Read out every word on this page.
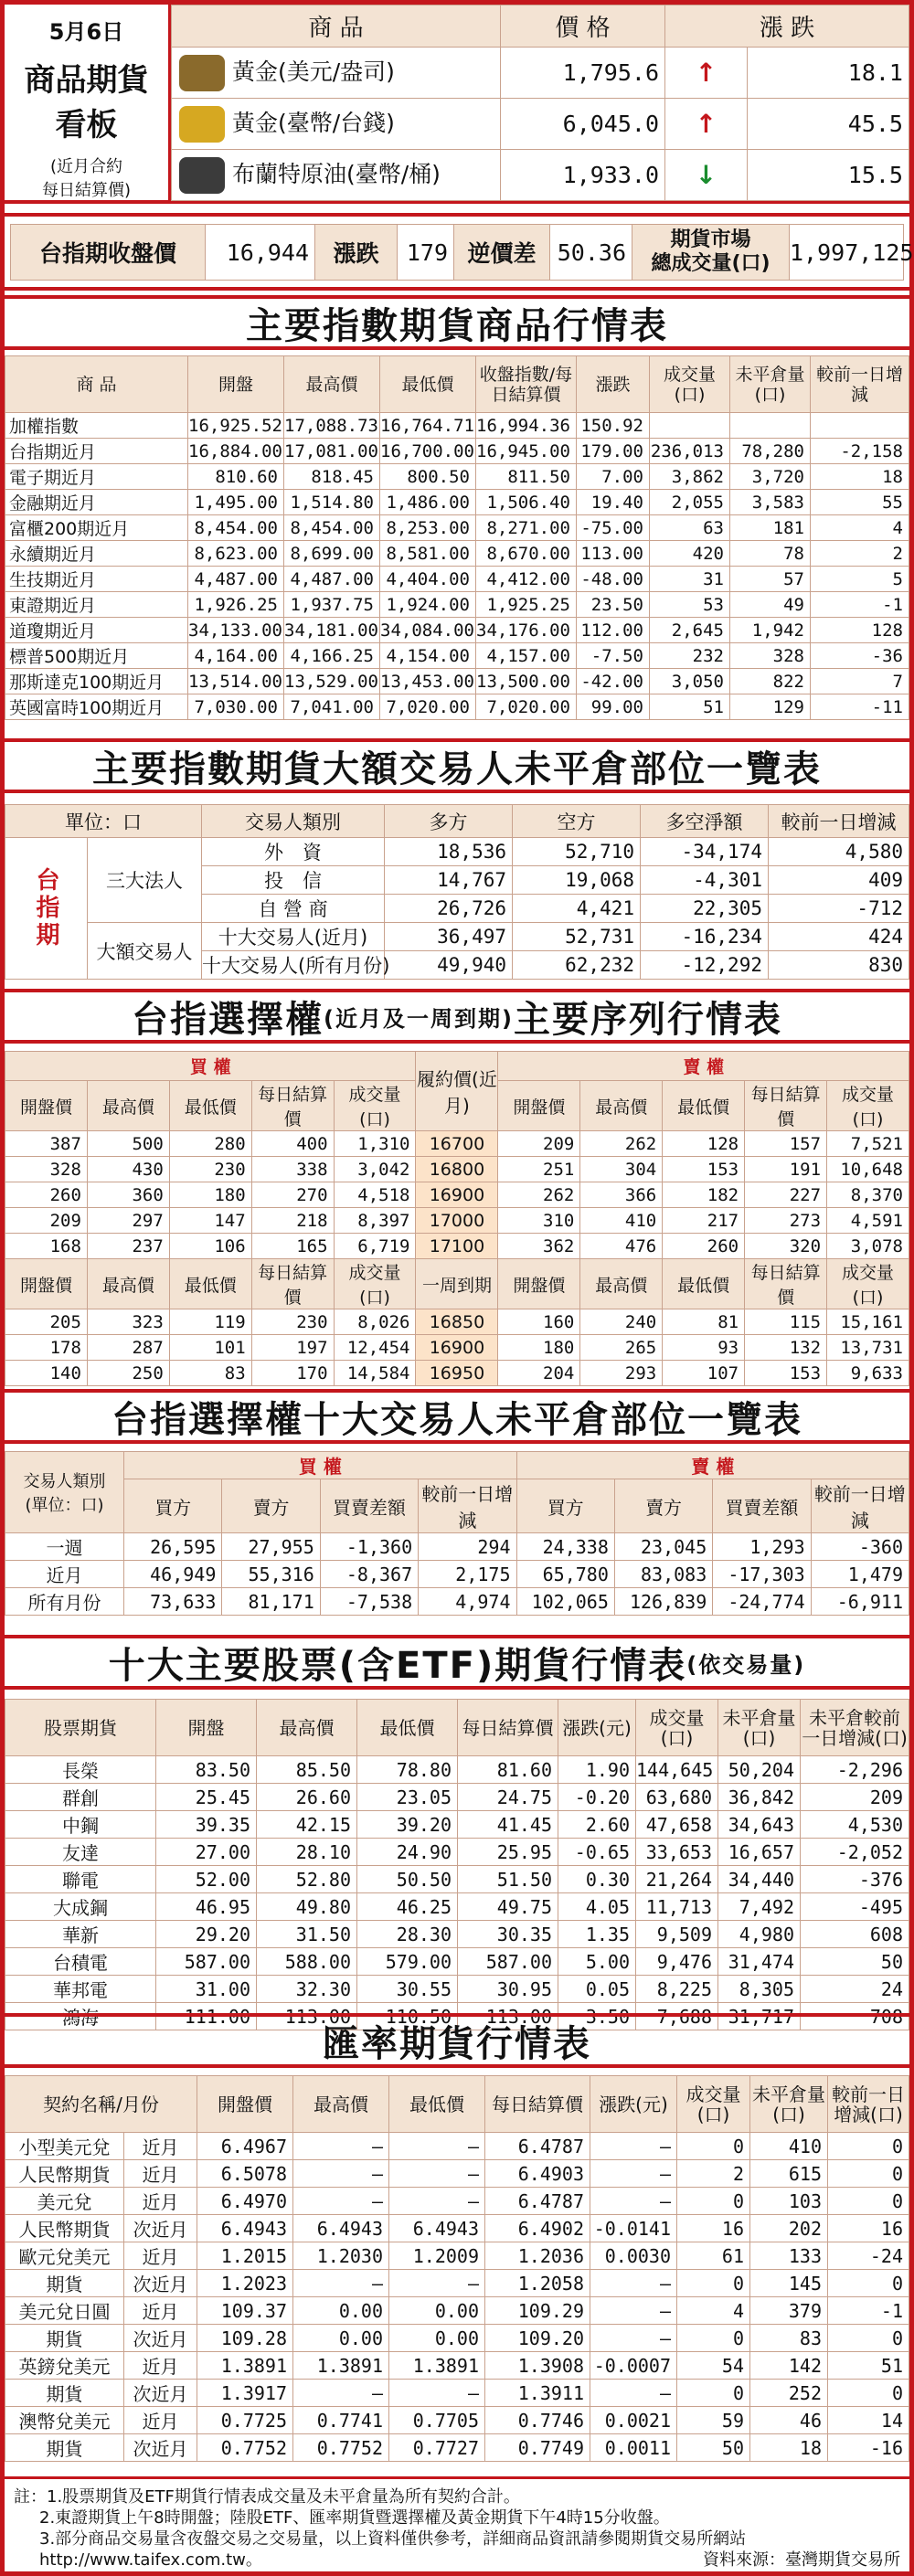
5月6日
商品期貨
看板
(近月合約
每日結算價)
商 品	價 格	漲 跌	
黃金(美元/盎司)	1,795.6	↑	18.1
黃金(臺幣/台錢)	6,045.0	↑	45.5
布蘭特原油(臺幣/桶)	1,933.0	↓	15.5
台指期收盤價	16,944	漲跌	179	逆價差	50.36	期貨市場
總成交量(口)	1,997,125
主要指數期貨商品行情表
商 品	開盤	最高價	最低價	收盤指數/每日結算價	漲跌	成交量(口)	未平倉量(口)	較前一日增減
加權指數	16,925.52	17,088.73	16,764.71	16,994.36	150.92			
台指期近月	16,884.00	17,081.00	16,700.00	16,945.00	179.00	236,013	78,280	-2,158
電子期近月	810.60	818.45	800.50	811.50	7.00	3,862	3,720	18
金融期近月	1,495.00	1,514.80	1,486.00	1,506.40	19.40	2,055	3,583	55
富櫃200期近月	8,454.00	8,454.00	8,253.00	8,271.00	-75.00	63	181	4
永續期近月	8,623.00	8,699.00	8,581.00	8,670.00	113.00	420	78	2
生技期近月	4,487.00	4,487.00	4,404.00	4,412.00	-48.00	31	57	5
東證期近月	1,926.25	1,937.75	1,924.00	1,925.25	23.50	53	49	-1
道瓊期近月	34,133.00	34,181.00	34,084.00	34,176.00	112.00	2,645	1,942	128
標普500期近月	4,164.00	4,166.25	4,154.00	4,157.00	-7.50	232	328	-36
那斯達克100期近月	13,514.00	13,529.00	13,453.00	13,500.00	-42.00	3,050	822	7
英國富時100期近月	7,030.00	7,041.00	7,020.00	7,020.00	99.00	51	129	-11
主要指數期貨大額交易人未平倉部位一覽表
單位：口		交易人類別	多方	空方	多空淨額	較前一日增減
台指期	三大法人	外　資	18,536	52,710	-34,174	4,580
		投　信	14,767	19,068	-4,301	409
		自 營 商	26,726	4,421	22,305	-712
	大額交易人	十大交易人(近月)	36,497	52,731	-16,234	424
		十大交易人(所有月份)	49,940	62,232	-12,292	830
台指選擇權 (近月及一周到期) 主要序列行情表
買 權					履約價(近月)	賣 權				
開盤價	最高價	最低價	每日結算價	成交量(口)		開盤價	最高價	最低價	每日結算價	成交量(口)
387	500	280	400	1,310	16700	209	262	128	157	7,521
328	430	230	338	3,042	16800	251	304	153	191	10,648
260	360	180	270	4,518	16900	262	366	182	227	8,370
209	297	147	218	8,397	17000	310	410	217	273	4,591
168	237	106	165	6,719	17100	362	476	260	320	3,078
開盤價	最高價	最低價	每日結算價	成交量(口)	一周到期	開盤價	最高價	最低價	每日結算價	成交量(口)
205	323	119	230	8,026	16850	160	240	81	115	15,161
178	287	101	197	12,454	16900	180	265	93	132	13,731
140	250	83	170	14,584	16950	204	293	107	153	9,633
台指選擇權十大交易人未平倉部位一覽表
交易人類別
(單位：口)	買 權				賣 權			
	買方	賣方	買賣差額	較前一日增減	買方	賣方	買賣差額	較前一日增減
一週	26,595	27,955	-1,360	294	24,338	23,045	1,293	-360
近月	46,949	55,316	-8,367	2,175	65,780	83,083	-17,303	1,479
所有月份	73,633	81,171	-7,538	4,974	102,065	126,839	-24,774	-6,911
十大主要股票(含ETF)期貨行情表 (依交易量)
股票期貨	開盤	最高價	最低價	每日結算價	漲跌(元)	成交量(口)	未平倉量(口)	未平倉較前一日增減(口)
長榮	83.50	85.50	78.80	81.60	1.90	144,645	50,204	-2,296
群創	25.45	26.60	23.05	24.75	-0.20	63,680	36,842	209
中鋼	39.35	42.15	39.20	41.45	2.60	47,658	34,643	4,530
友達	27.00	28.10	24.90	25.95	-0.65	33,653	16,657	-2,052
聯電	52.00	52.80	50.50	51.50	0.30	21,264	34,440	-376
大成鋼	46.95	49.80	46.25	49.75	4.05	11,713	7,492	-495
華新	29.20	31.50	28.30	30.35	1.35	9,509	4,980	608
台積電	587.00	588.00	579.00	587.00	5.00	9,476	31,474	50
華邦電	31.00	32.30	30.55	30.95	0.05	8,225	8,305	24
鴻海	111.00	113.00	110.50	113.00	3.50	7,688	31,717	708
匯率期貨行情表
契約名稱/月份		開盤價	最高價	最低價	每日結算價	漲跌(元)	成交量(口)	未平倉量(口)	較前一日增減(口)
小型美元兌	近月	6.4967	–	–	6.4787	–	0	410	0
人民幣期貨	近月	6.5078	–	–	6.4903	–	2	615	0
美元兌	近月	6.4970	–	–	6.4787	–	0	103	0
人民幣期貨	次近月	6.4943	6.4943	6.4943	6.4902	-0.0141	16	202	16
歐元兌美元	近月	1.2015	1.2030	1.2009	1.2036	0.0030	61	133	-24
期貨	次近月	1.2023	–	–	1.2058	–	0	145	0
美元兌日圓	近月	109.37	0.00	0.00	109.29	–	4	379	-1
期貨	次近月	109.28	0.00	0.00	109.20	–	0	83	0
英鎊兌美元	近月	1.3891	1.3891	1.3891	1.3908	-0.0007	54	142	51
期貨	次近月	1.3917	–	–	1.3911	–	0	252	0
澳幣兌美元	近月	0.7725	0.7741	0.7705	0.7746	0.0021	59	46	14
期貨	次近月	0.7752	0.7752	0.7727	0.7749	0.0011	50	18	-16
註：1.股票期貨及ETF期貨行情表成交量及未平倉量為所有契約合計。
2.東證期貨上午8時開盤；陸股ETF、匯率期貨暨選擇權及黃金期貨下午4時15分收盤。
3.部分商品交易量含夜盤交易之交易量，以上資料僅供參考，詳細商品資訊請參閱期貨交易所網站
http://www.taifex.com.tw。	資料來源：臺灣期貨交易所
